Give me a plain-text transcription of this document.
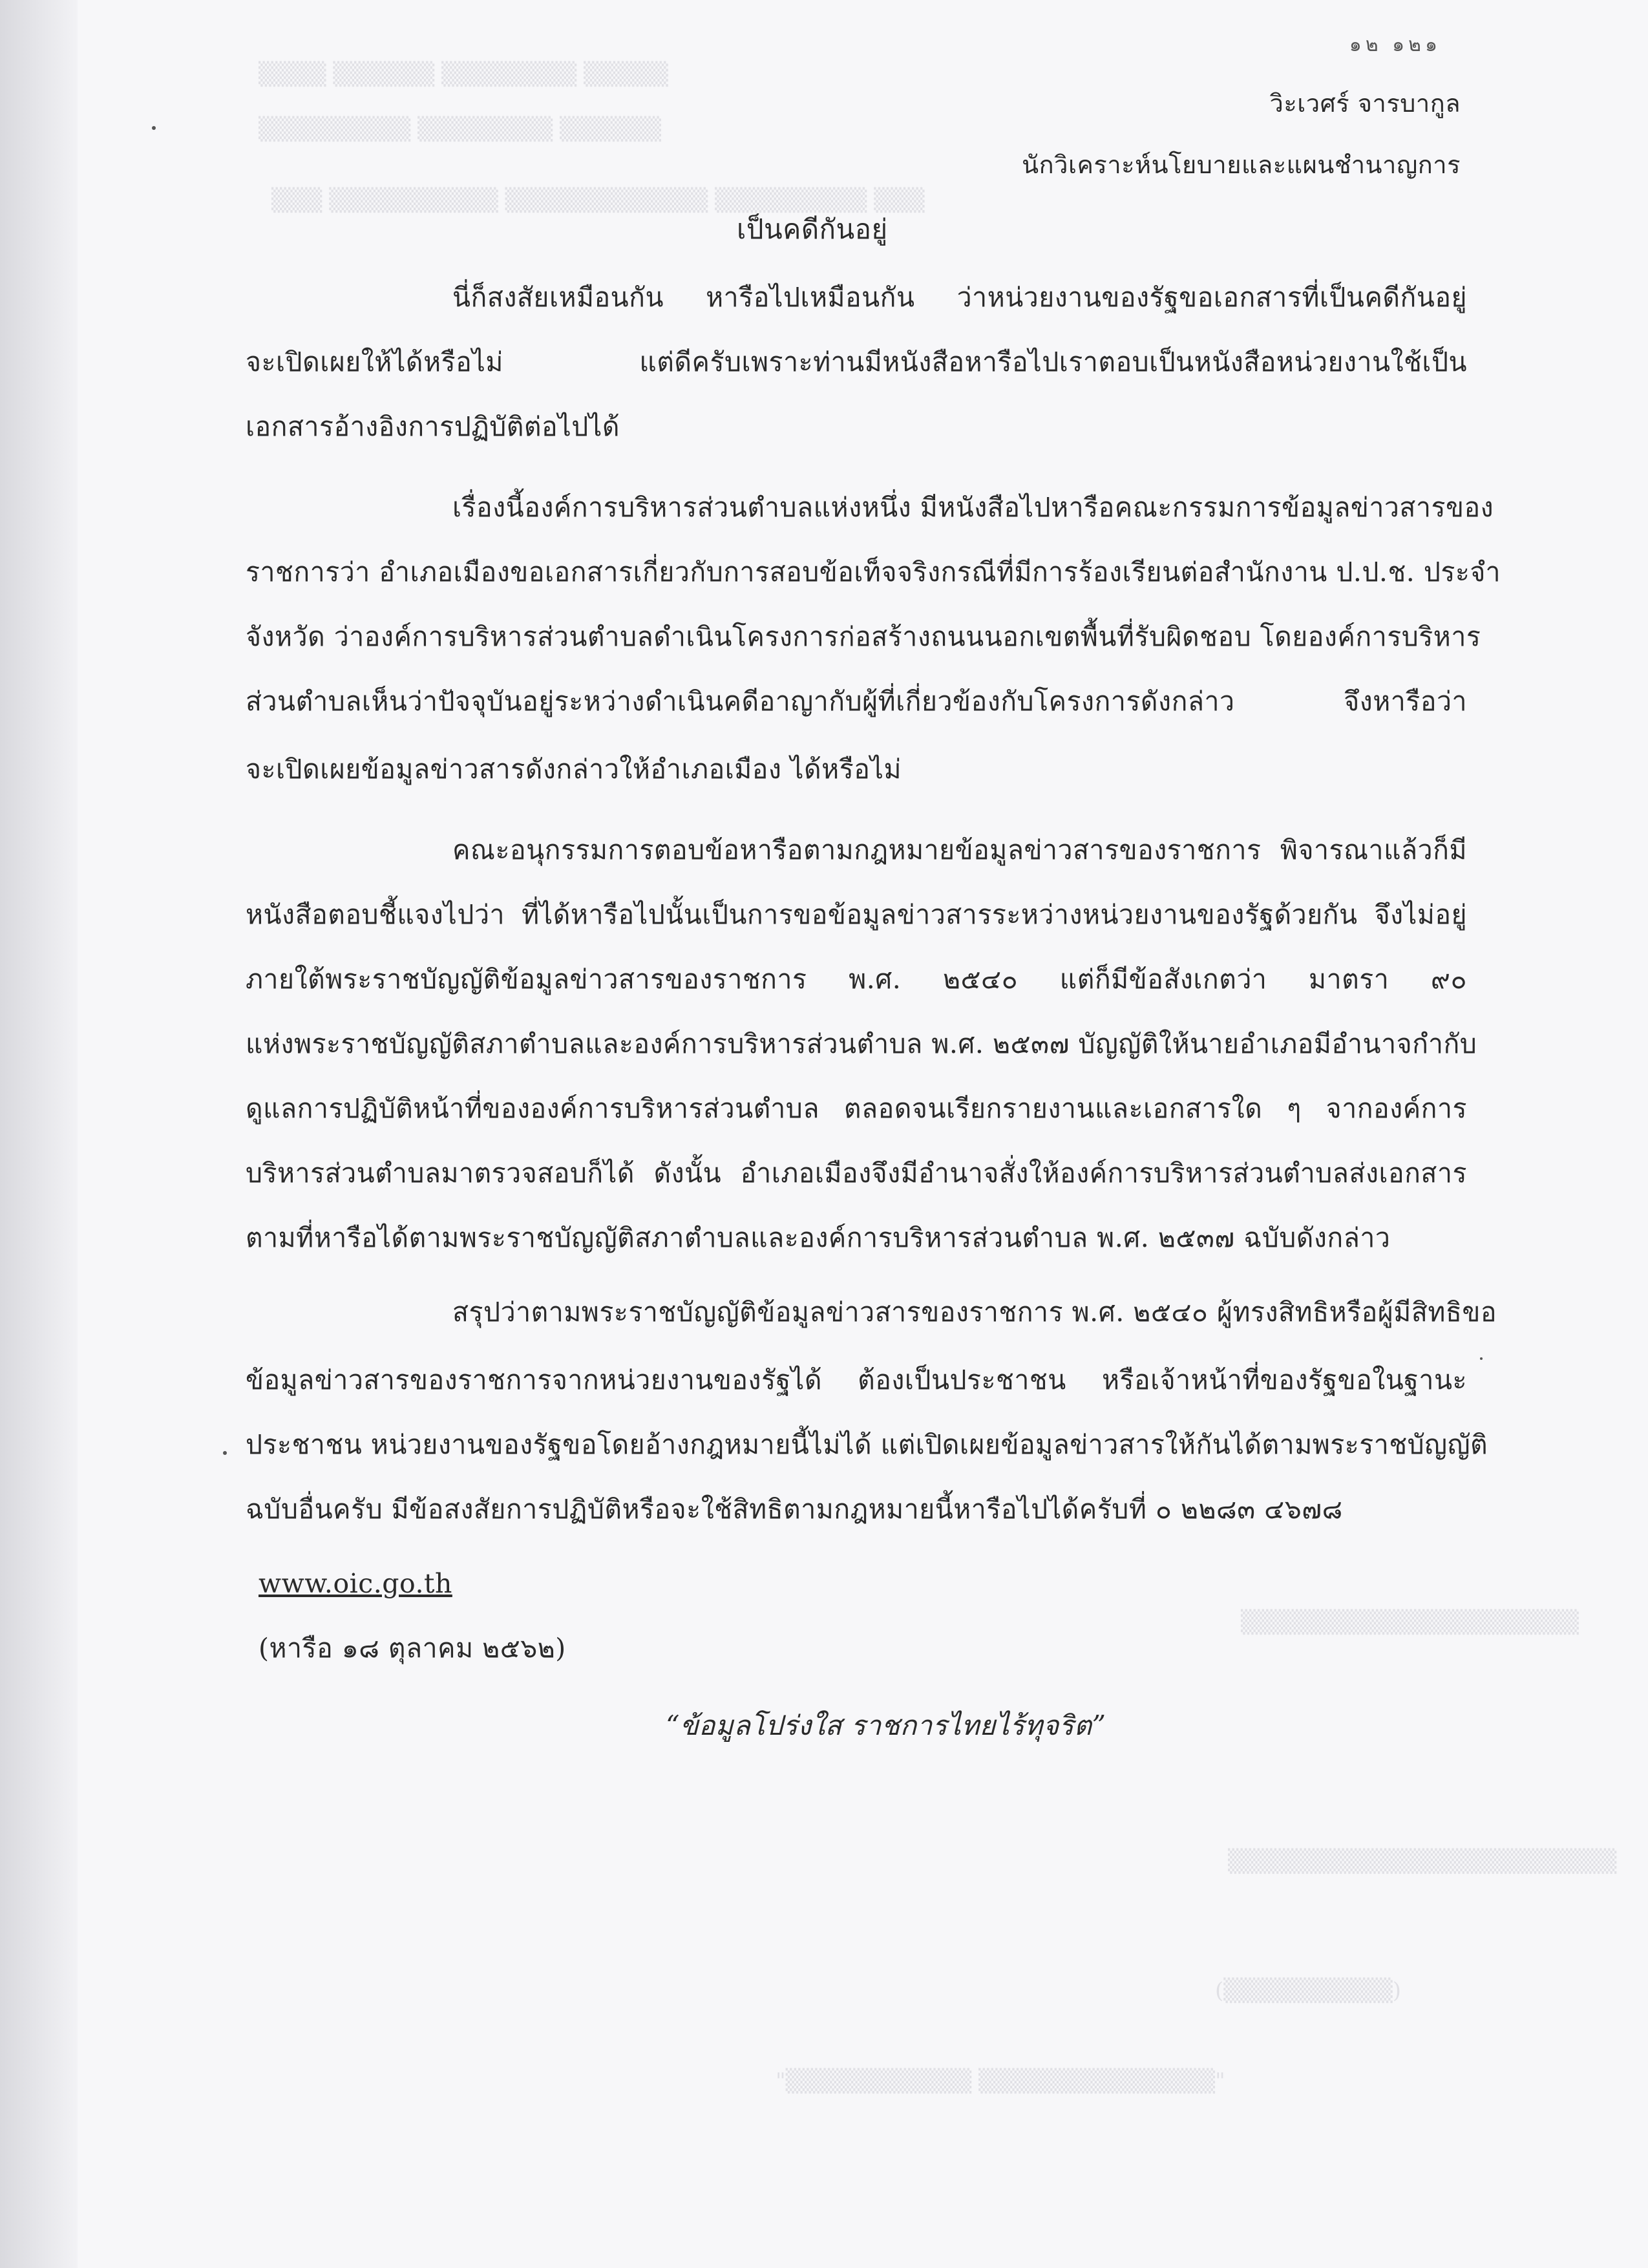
▒▒▒▒ ▒▒▒▒▒▒ ▒▒▒▒▒▒▒▒ ▒▒▒▒▒
▒▒▒▒▒▒▒▒▒ ▒▒▒▒▒▒▒▒ ▒▒▒▒▒▒
▒▒▒ ▒▒▒▒▒▒▒▒▒▒ ▒▒▒▒▒▒▒▒▒▒▒▒ ▒▒▒▒▒▒▒▒▒ ▒▒▒
▒▒▒▒▒▒▒▒▒▒▒▒▒▒▒▒▒▒▒▒
▒▒▒▒▒▒▒▒▒▒▒▒▒▒▒▒▒▒▒▒▒▒▒
(▒▒▒▒▒▒▒▒▒▒)
"▒▒▒▒▒▒▒▒▒▒▒ ▒▒▒▒▒▒▒▒▒▒▒▒▒▒"
๑๒ ๑๒๑
วิะเวศร์ จารบากูล
นักวิเคราะห์นโยบายและแผนชำนาญการ
เป็นคดีกันอยู่
นี่ก็สงสัยเหมือนกัน หารือไปเหมือนกัน ว่าหน่วยงานของรัฐขอเอกสารที่เป็นคดีกันอยู่
จะเปิดเผยให้ได้หรือไม่ แต่ดีครับเพราะท่านมีหนังสือหารือไปเราตอบเป็นหนังสือหน่วยงานใช้เป็น
เอกสารอ้างอิงการปฏิบัติต่อไปได้
เรื่องนี้องค์การบริหารส่วนตำบลแห่งหนึ่ง มีหนังสือไปหารือคณะกรรมการข้อมูลข่าวสารของ
ราชการว่า อำเภอเมืองขอเอกสารเกี่ยวกับการสอบข้อเท็จจริงกรณีที่มีการร้องเรียนต่อสำนักงาน ป.ป.ช. ประจำ
จังหวัด ว่าองค์การบริหารส่วนตำบลดำเนินโครงการก่อสร้างถนนนอกเขตพื้นที่รับผิดชอบ โดยองค์การบริหาร
ส่วนตำบลเห็นว่าปัจจุบันอยู่ระหว่างดำเนินคดีอาญากับผู้ที่เกี่ยวข้องกับโครงการดังกล่าว จึงหารือว่า
จะเปิดเผยข้อมูลข่าวสารดังกล่าวให้อำเภอเมือง ได้หรือไม่
คณะอนุกรรมการตอบข้อหารือตามกฎหมายข้อมูลข่าวสารของราชการ พิจารณาแล้วก็มี
หนังสือตอบชี้แจงไปว่า ที่ได้หารือไปนั้นเป็นการขอข้อมูลข่าวสารระหว่างหน่วยงานของรัฐด้วยกัน จึงไม่อยู่
ภายใต้พระราชบัญญัติข้อมูลข่าวสารของราชการ พ.ศ. ๒๕๔๐ แต่ก็มีข้อสังเกตว่า มาตรา ๙๐
แห่งพระราชบัญญัติสภาตำบลและองค์การบริหารส่วนตำบล พ.ศ. ๒๕๓๗ บัญญัติให้นายอำเภอมีอำนาจกำกับ
ดูแลการปฏิบัติหน้าที่ขององค์การบริหารส่วนตำบล ตลอดจนเรียกรายงานและเอกสารใด ๆ จากองค์การ
บริหารส่วนตำบลมาตรวจสอบก็ได้ ดังนั้น อำเภอเมืองจึงมีอำนาจสั่งให้องค์การบริหารส่วนตำบลส่งเอกสาร
ตามที่หารือได้ตามพระราชบัญญัติสภาตำบลและองค์การบริหารส่วนตำบล พ.ศ. ๒๕๓๗ ฉบับดังกล่าว
สรุปว่าตามพระราชบัญญัติข้อมูลข่าวสารของราชการ พ.ศ. ๒๕๔๐ ผู้ทรงสิทธิหรือผู้มีสิทธิขอ
ข้อมูลข่าวสารของราชการจากหน่วยงานของรัฐได้ ต้องเป็นประชาชน หรือเจ้าหน้าที่ของรัฐขอในฐานะ
ประชาชน หน่วยงานของรัฐขอโดยอ้างกฎหมายนี้ไม่ได้ แต่เปิดเผยข้อมูลข่าวสารให้กันได้ตามพระราชบัญญัติ
ฉบับอื่นครับ มีข้อสงสัยการปฏิบัติหรือจะใช้สิทธิตามกฎหมายนี้หารือไปได้ครับที่ ๐ ๒๒๘๓ ๔๖๗๘
www.oic.go.th
(หารือ ๑๘ ตุลาคม ๒๕๖๒)
“ข้อมูลโปร่งใส ราชการไทยไร้ทุจริต”
